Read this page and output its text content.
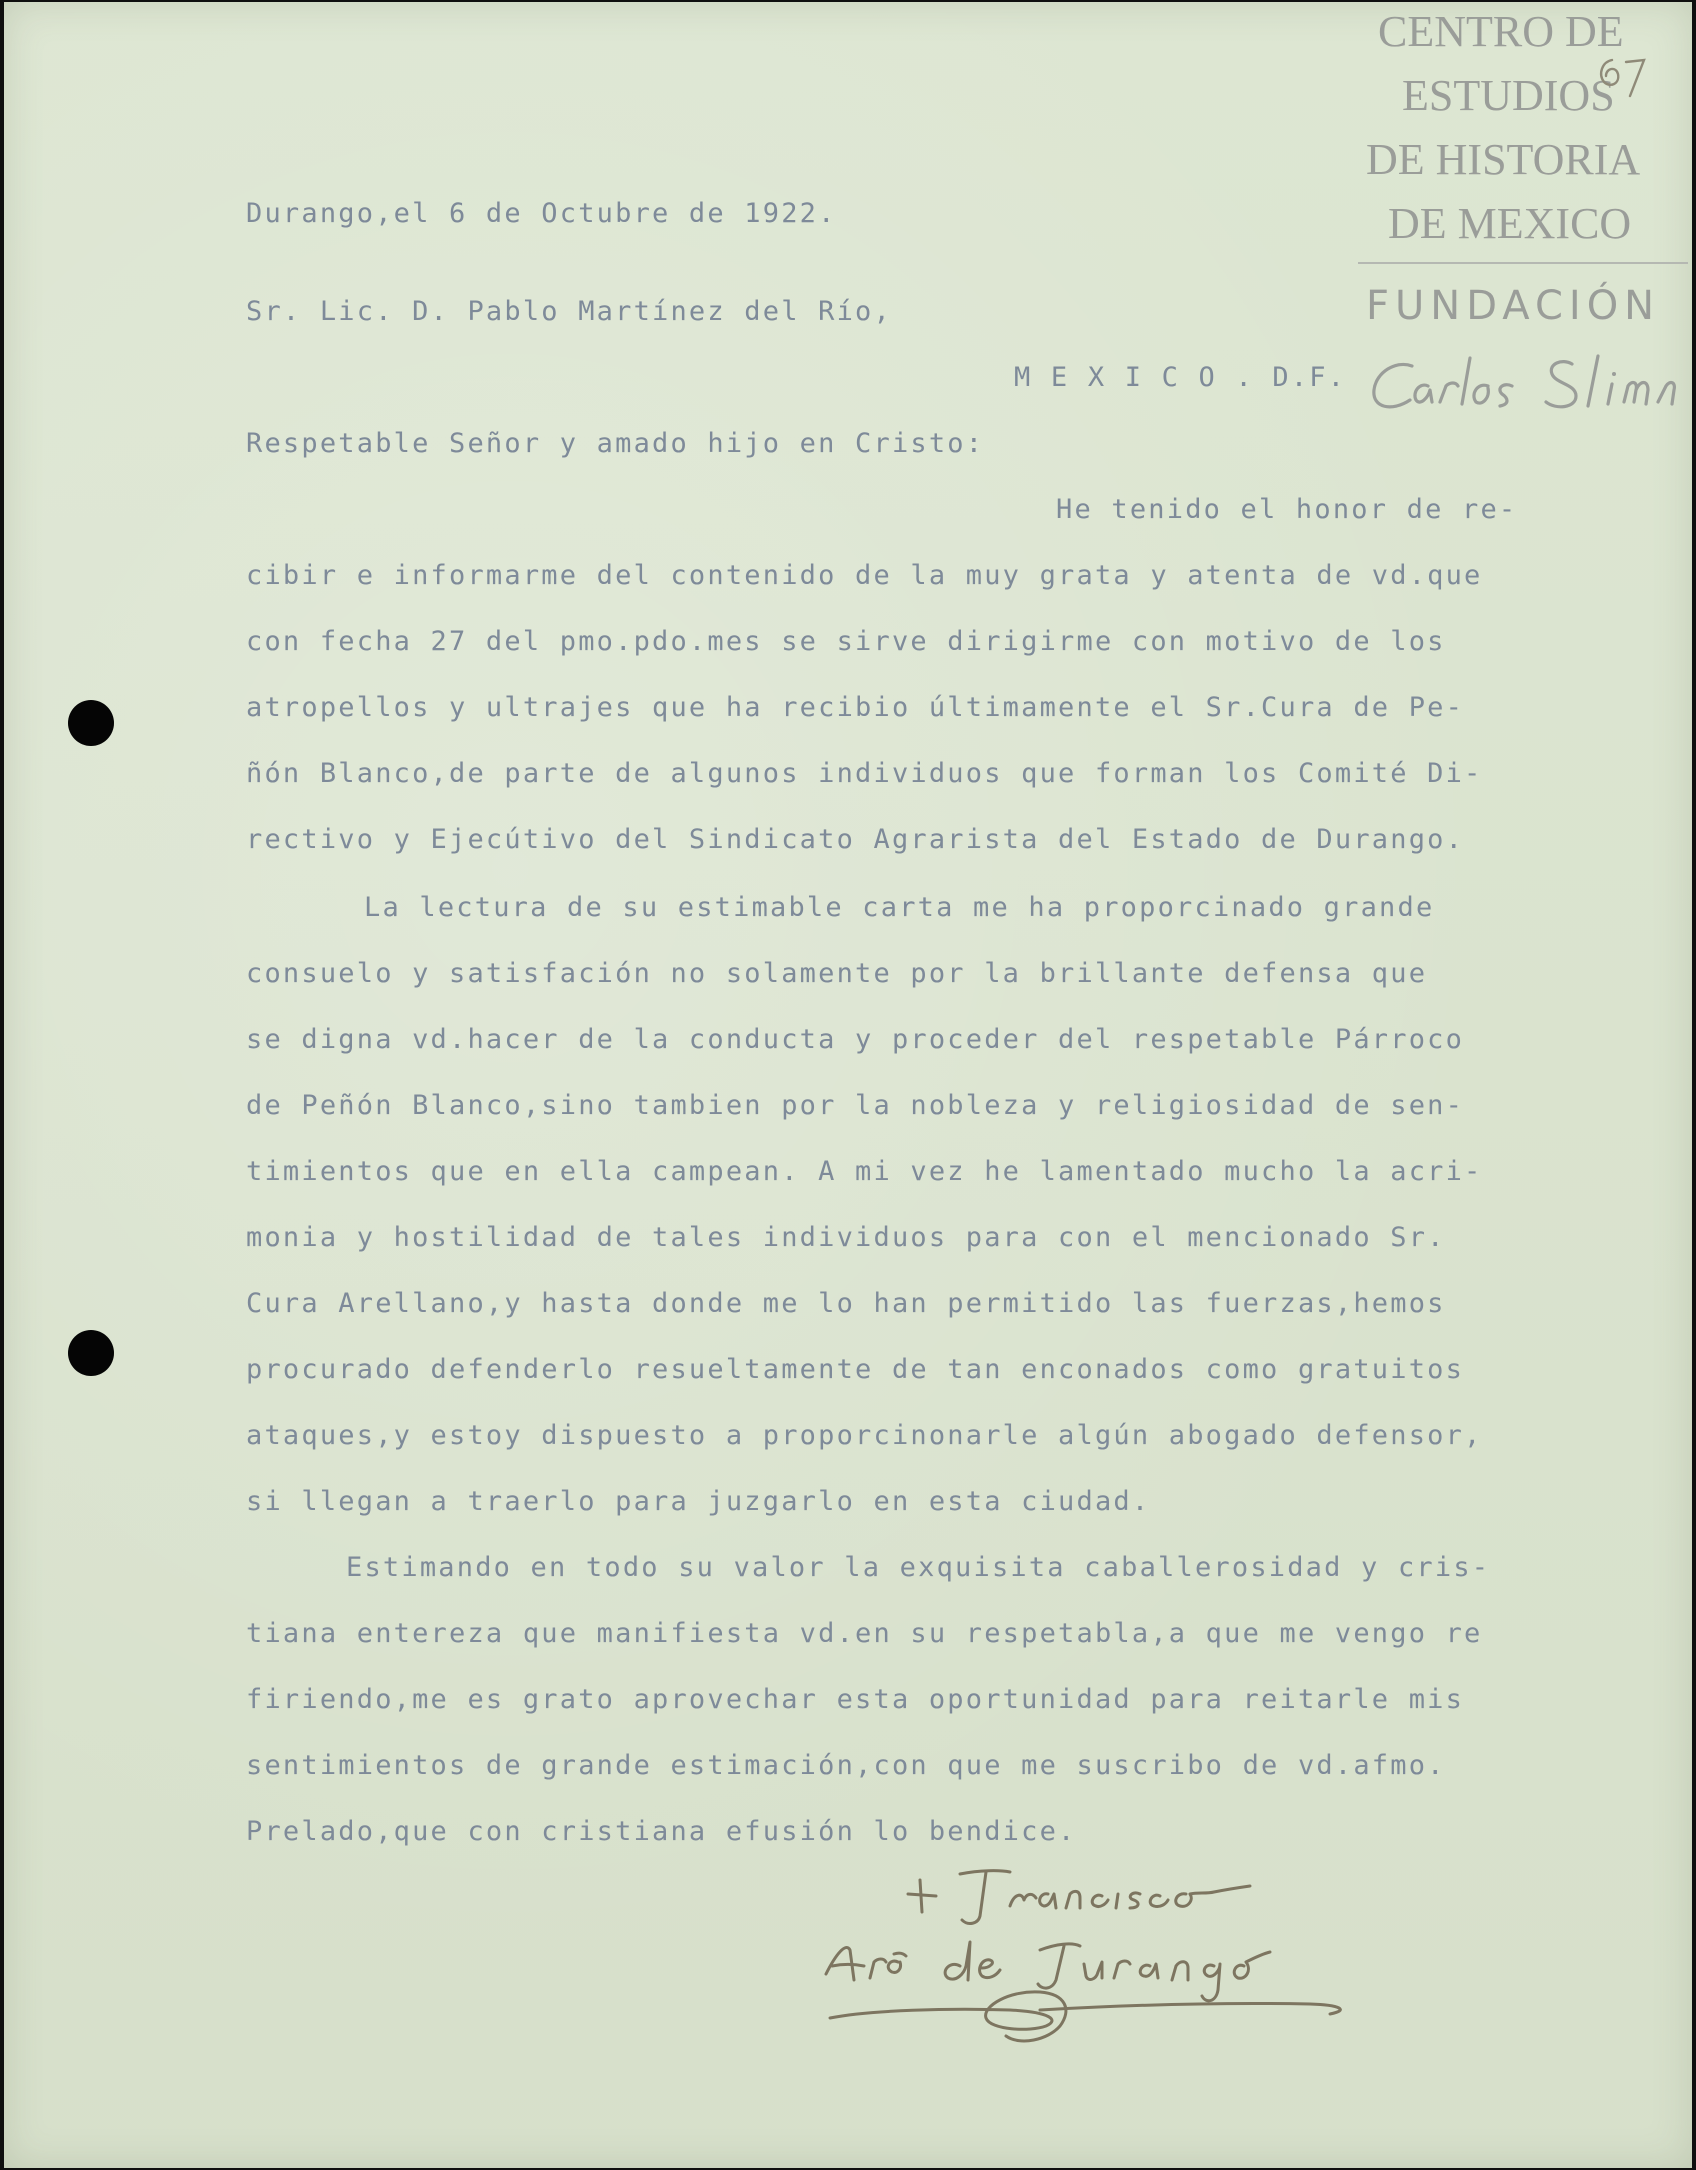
CENTRO DE
ESTUDIOS
DE HISTORIA
DE MEXICO
FUNDACIÓN
Durango,el 6 de Octubre de 1922.
Sr. Lic. D. Pablo Martínez del Río,
M E X I C O . D.F.
Respetable Señor y amado hijo en Cristo:
He tenido el honor de re-
cibir e informarme del contenido de la muy grata y atenta de vd.que
con fecha 27 del pmo.pdo.mes se sirve dirigirme con motivo de los
atropellos y ultrajes que ha recibio últimamente el Sr.Cura de Pe-
ñón Blanco,de parte de algunos individuos que forman los Comité Di-
rectivo y Ejecútivo del Sindicato Agrarista del Estado de Durango.
La lectura de su estimable carta me ha proporcinado grande
consuelo y satisfación no solamente por la brillante defensa que
se digna vd.hacer de la conducta y proceder del respetable Párroco
de Peñón Blanco,sino tambien por la nobleza y religiosidad de sen-
timientos que en ella campean. A mi vez he lamentado mucho la acri-
monia y hostilidad de tales individuos para con el mencionado Sr.
Cura Arellano,y hasta donde me lo han permitido las fuerzas,hemos
procurado defenderlo resueltamente de tan enconados como gratuitos
ataques,y estoy dispuesto a proporcinonarle algún abogado defensor,
si llegan a traerlo para juzgarlo en esta ciudad.
Estimando en todo su valor la exquisita caballerosidad y cris-
tiana entereza que manifiesta vd.en su respetabla,a que me vengo re
firiendo,me es grato aprovechar esta oportunidad para reitarle mis
sentimientos de grande estimación,con que me suscribo de vd.afmo.
Prelado,que con cristiana efusión lo bendice.
